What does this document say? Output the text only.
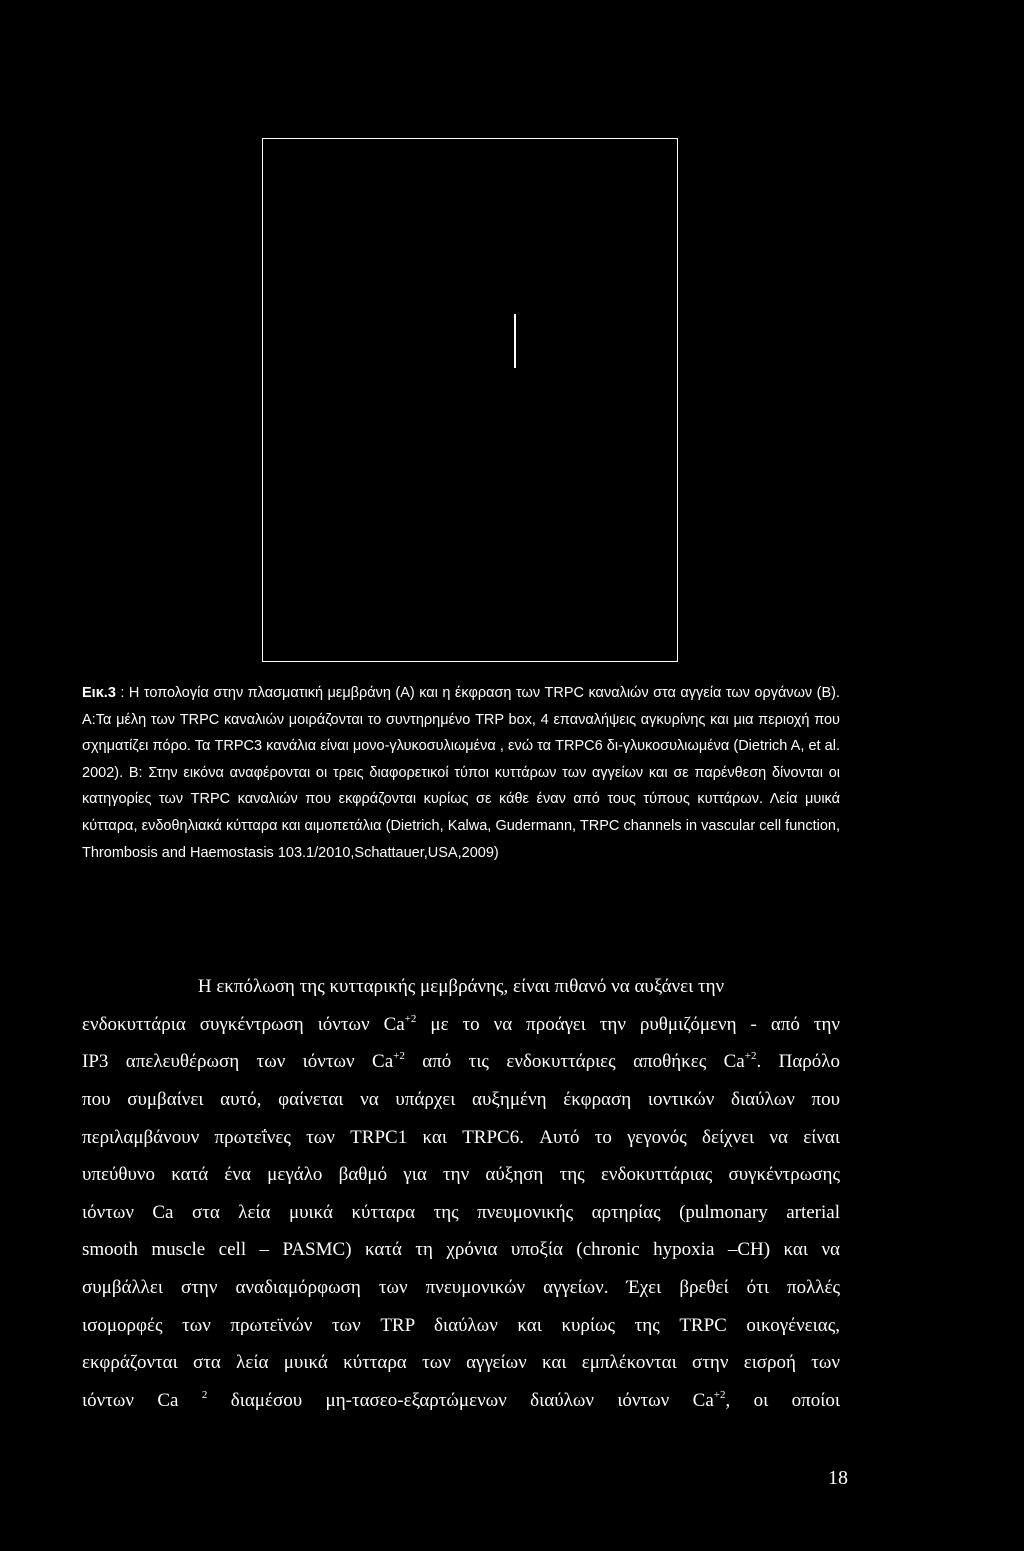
Εικ.3 : Η τοπολογία στην πλασματική μεμβράνη (Α) και η έκφραση των TRPC καναλιών στα αγγεία των οργάνων (Β). Α:Τα μέλη των TRPC καναλιών μοιράζονται το συντηρημένο TRP box, 4 επαναλήψεις αγκυρίνης και μια περιοχή που σχηματίζει πόρο. Τα TRPC3 κανάλια είναι μονο-γλυκοσυλιωμένα , ενώ τα TRPC6 δι-γλυκοσυλιωμένα (Dietrich A, et al. 2002). Β: Στην εικόνα αναφέρονται οι τρεις διαφορετικοί τύποι κυττάρων των αγγείων και σε παρένθεση δίνονται οι κατηγορίες των TRPC καναλιών που εκφράζονται κυρίως σε κάθε έναν από τους τύπους κυττάρων. Λεία μυικά κύτταρα, ενδοθηλιακά κύτταρα και αιμοπετάλια (Dietrich, Kalwa, Gudermann, TRPC channels in vascular cell function, Thrombosis and Haemostasis 103.1/2010,Schattauer,USA,2009)
Η εκπόλωση της κυτταρικής μεμβράνης, είναι πιθανό να αυξάνει την
ενδοκυττάρια συγκέντρωση ιόντων $Ca^{+2}$ με το να προάγει την ρυθμιζόμενη - από την
IP3 απελευθέρωση των ιόντων $Ca^{+2}$ από τις ενδοκυττάριες αποθήκες $Ca^{+2}$. Παρόλο
που συμβαίνει αυτό, φαίνεται να υπάρχει αυξημένη έκφραση ιοντικών διαύλων που
περιλαμβάνουν πρωτεΐνες των TRPC1 και TRPC6. Αυτό το γεγονός δείχνει να είναι
υπεύθυνο κατά ένα μεγάλο βαθμό για την αύξηση της ενδοκυττάριας συγκέντρωσης
ιόντων Ca στα λεία μυικά κύτταρα της πνευμονικής αρτηρίας (pulmonary arterial
smooth muscle cell – PASMC) κατά τη χρόνια υποξία (chronic hypoxia –CH) και να
συμβάλλει στην αναδιαμόρφωση των πνευμονικών αγγείων. Έχει βρεθεί ότι πολλές
ισομορφές των πρωτεϊνών των TRP διαύλων και κυρίως της TRPC οικογένειας,
εκφράζονται στα λεία μυικά κύτταρα των αγγείων και εμπλέκονται στην εισροή των
ιόντων Ca $^2$ διαμέσου μη-τασεο-εξαρτώμενων διαύλων ιόντων $Ca^{+2}$, οι οποίοι
18
